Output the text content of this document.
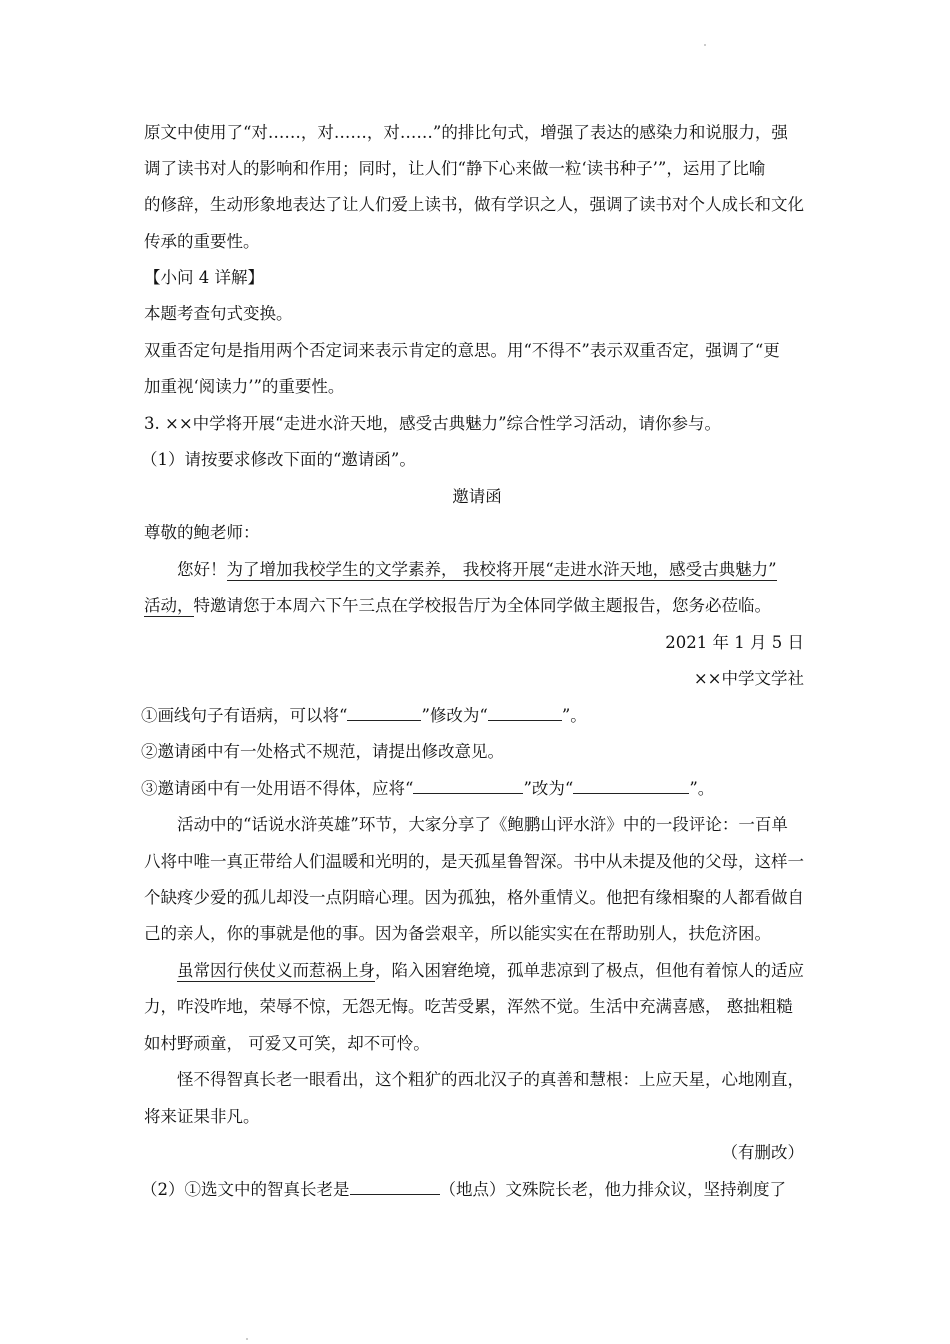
原文中使用了“对……，对……，对……”的排比句式，增强了表达的感染力和说服力，强
调了读书对人的影响和作用；同时，让人们“静下心来做一粒‘读书种子’”，运用了比喻
的修辞，生动形象地表达了让人们爱上读书，做有学识之人，强调了读书对个人成长和文化
传承的重要性。
【小问 4 详解】
本题考查句式变换。
双重否定句是指用两个否定词来表示肯定的意思。用“不得不”表示双重否定，强调了“更
加重视‘阅读力’”的重要性。
3. ××中学将开展“走进水浒天地，感受古典魅力”综合性学习活动，请你参与。
（1）请按要求修改下面的“邀请函”。
邀请函
尊敬的鲍老师：
您好！为了增加我校学生的文学素养， 我校将开展“走进水浒天地，感受古典魅力”
活动，特邀请您于本周六下午三点在学校报告厅为全体同学做主题报告，您务必莅临。
2021 年 1 月 5 日
××中学文学社
①画线句子有语病，可以将“	”修改为“	”。
②邀请函中有一处格式不规范，请提出修改意见。
③邀请函中有一处用语不得体，应将“	”改为“	”。
活动中的“话说水浒英雄”环节，大家分享了《鲍鹏山评水浒》中的一段评论：一百单
八将中唯一真正带给人们温暖和光明的，是天孤星鲁智深。书中从未提及他的父母，这样一
个缺疼少爱的孤儿却没一点阴暗心理。因为孤独，格外重情义。他把有缘相聚的人都看做自
己的亲人，你的事就是他的事。因为备尝艰辛，所以能实实在在帮助别人，扶危济困。
虽常因行侠仗义而惹祸上身，陷入困窘绝境，孤单悲凉到了极点，但他有着惊人的适应
力，咋没咋地，荣辱不惊，无怨无悔。吃苦受累，浑然不觉。生活中充满喜感， 憨拙粗糙
如村野顽童， 可爱又可笑，却不可怜。
怪不得智真长老一眼看出，这个粗犷的西北汉子的真善和慧根：上应天星，心地刚直，
将来证果非凡。
（有删改）
（2）①选文中的智真长老是	（地点）文殊院长老，他力排众议，坚持剃度了
